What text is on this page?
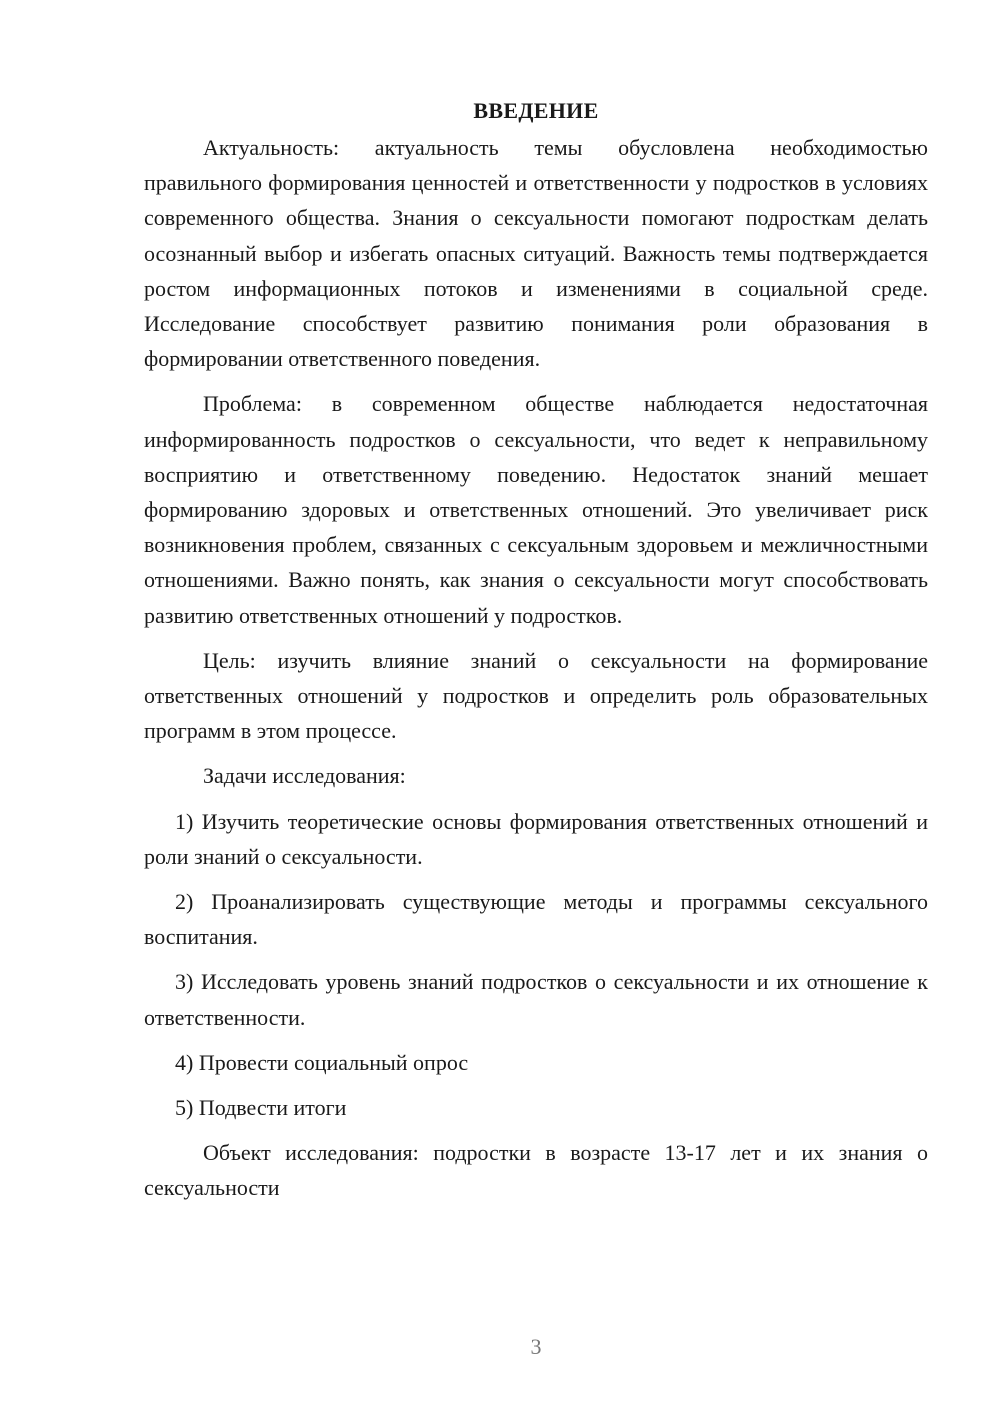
ВВЕДЕНИЕ

Актуальность: актуальность темы обусловлена необходимостью правильного формирования ценностей и ответственности у подростков в условиях современного общества. Знания о сексуальности помогают подросткам делать осознанный выбор и избегать опасных ситуаций. Важность темы подтверждается ростом информационных потоков и изменениями в социальной среде. Исследование способствует развитию понимания роли образования в формировании ответственного поведения.

Проблема: в современном обществе наблюдается недостаточная информированность подростков о сексуальности, что ведет к неправильному восприятию и ответственному поведению. Недостаток знаний мешает формированию здоровых и ответственных отношений. Это увеличивает риск возникновения проблем, связанных с сексуальным здоровьем и межличностными отношениями. Важно понять, как знания о сексуальности могут способствовать развитию ответственных отношений у подростков.

Цель: изучить влияние знаний о сексуальности на формирование ответственных отношений у подростков и определить роль образовательных программ в этом процессе.

Задачи исследования:

1) Изучить теоретические основы формирования ответственных отношений и роли знаний о сексуальности.

2) Проанализировать существующие методы и программы сексуального воспитания.

3) Исследовать уровень знаний подростков о сексуальности и их отношение к ответственности.

4) Провести социальный опрос

5) Подвести итоги

Объект исследования: подростки в возрасте 13-17 лет и их знания о сексуальности

3
